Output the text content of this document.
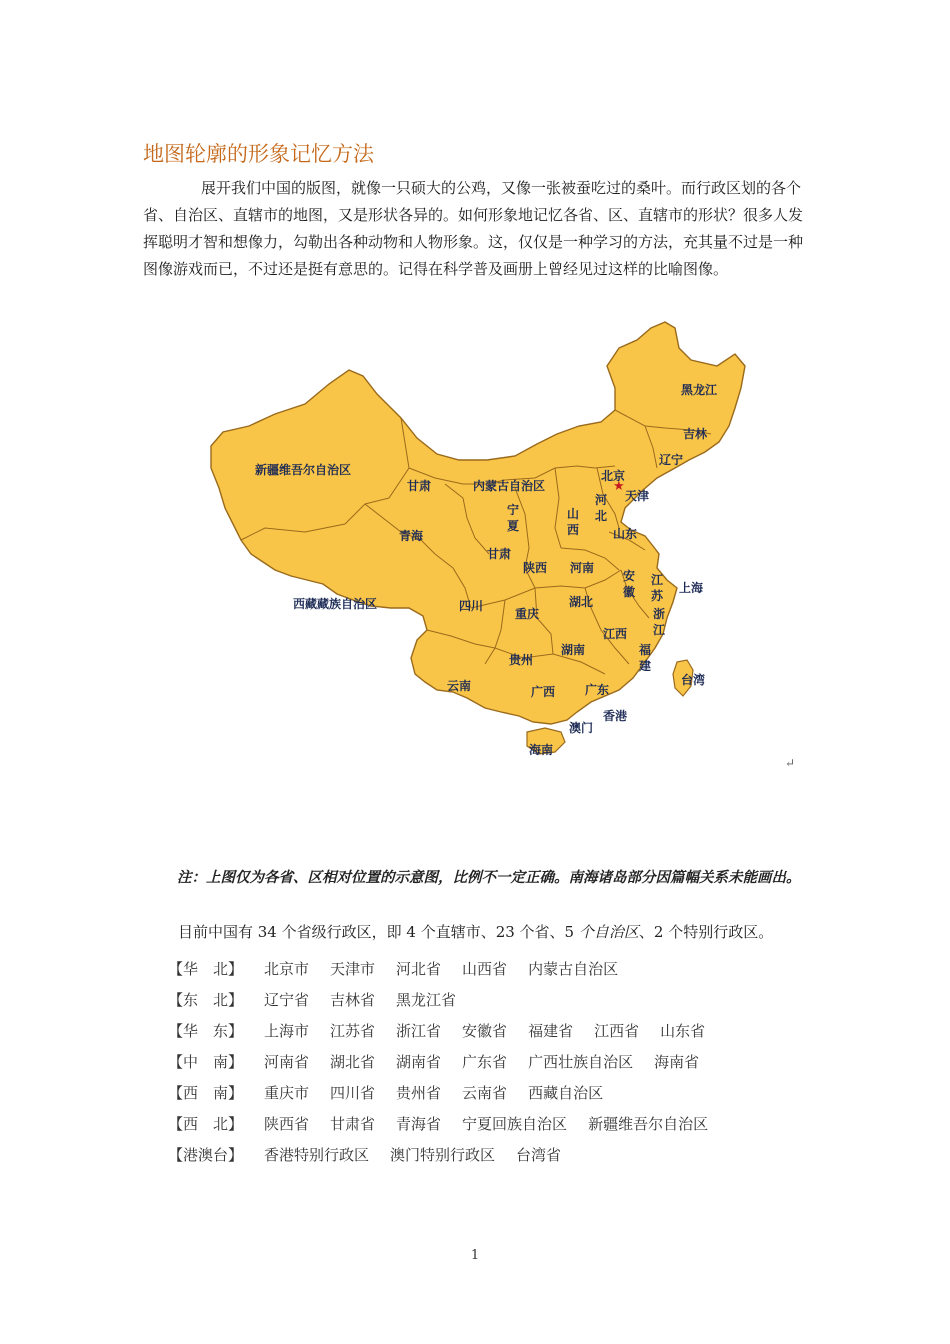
地图轮廓的形象记忆方法

展开我们中国的版图，就像一只硕大的公鸡，又像一张被蚕吃过的桑叶。而行政区划的各个省、自治区、直辖市的地图，又是形状各异的。如何形象地记忆各省、区、直辖市的形状？很多人发挥聪明才智和想像力，勾勒出各种动物和人物形象。这，仅仅是一种学习的方法，充其量不过是一种图像游戏而已，不过还是挺有意思的。记得在科学普及画册上曾经见过这样的比喻图像。

★
黑龙江
吉林
辽宁
北京
天津
河北
山西	山东
内蒙古自治区
新疆维吾尔自治区
甘肃
宁夏
青海
甘肃
陕西 河南
安徽
江苏
上海
西藏藏族自治区	四川
重庆
湖北
浙江
江西
湖南	福建
贵州
云南	广西 广东
台湾
香港
澳门
海南
↵

注：上图仅为各省、区相对位置的示意图，比例不一定正确。南海诸岛部分因篇幅关系未能画出。

目前中国有 34 个省级行政区，即 4 个直辖市、23 个省、5 个自治区、2 个特别行政区。
【华　北】	北京市 天津市 河北省 山西省 内蒙古自治区
【东　北】	辽宁省 吉林省 黑龙江省
【华　东】	上海市 江苏省 浙江省 安徽省 福建省 江西省 山东省
【中　南】	河南省 湖北省 湖南省 广东省 广西壮族自治区 海南省
【西　南】	重庆市 四川省 贵州省 云南省 西藏自治区
【西　北】	陕西省 甘肃省 青海省 宁夏回族自治区 新疆维吾尔自治区
【港澳台】	香港特别行政区 澳门特别行政区 台湾省
1
